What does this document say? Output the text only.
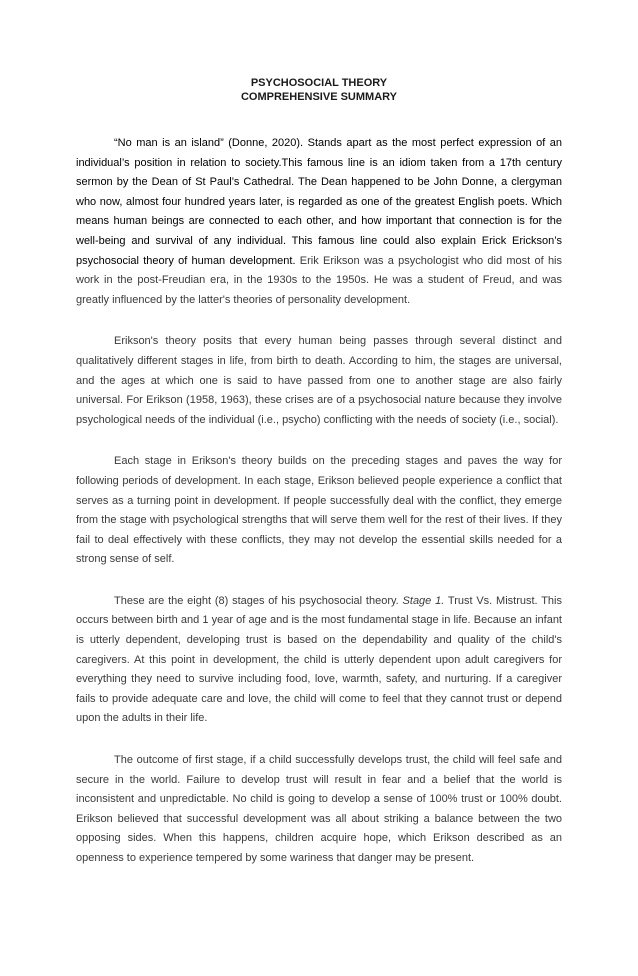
PSYCHOSOCIAL THEORY
COMPREHENSIVE SUMMARY

“No man is an island” (Donne, 2020). Stands apart as the most perfect expression of an individual’s position in relation to society.This famous line is an idiom taken from a 17th century sermon by the Dean of St Paul’s Cathedral. The Dean happened to be John Donne, a clergyman who now, almost four hundred years later, is regarded as one of the greatest English poets. Which means human beings are connected to each other, and how important that connection is for the well-being and survival of any individual. This famous line could also explain Erick Erickson’s psychosocial theory of human development. Erik Erikson was a psychologist who did most of his work in the post-Freudian era, in the 1930s to the 1950s. He was a student of Freud, and was greatly influenced by the latter's theories of personality development.

Erikson's theory posits that every human being passes through several distinct and qualitatively different stages in life, from birth to death. According to him, the stages are universal, and the ages at which one is said to have passed from one to another stage are also fairly universal. For Erikson (1958, 1963), these crises are of a psychosocial nature because they involve psychological needs of the individual (i.e., psycho) conflicting with the needs of society (i.e., social).

Each stage in Erikson's theory builds on the preceding stages and paves the way for following periods of development. In each stage, Erikson believed people experience a conflict that serves as a turning point in development. If people successfully deal with the conflict, they emerge from the stage with psychological strengths that will serve them well for the rest of their lives. If they fail to deal effectively with these conflicts, they may not develop the essential skills needed for a strong sense of self.

These are the eight (8) stages of his psychosocial theory. Stage 1. Trust Vs. Mistrust. This occurs between birth and 1 year of age and is the most fundamental stage in life. Because an infant is utterly dependent, developing trust is based on the dependability and quality of the child's caregivers. At this point in development, the child is utterly dependent upon adult caregivers for everything they need to survive including food, love, warmth, safety, and nurturing. If a caregiver fails to provide adequate care and love, the child will come to feel that they cannot trust or depend upon the adults in their life.

The outcome of first stage, if a child successfully develops trust, the child will feel safe and secure in the world. Failure to develop trust will result in fear and a belief that the world is inconsistent and unpredictable. No child is going to develop a sense of 100% trust or 100% doubt. Erikson believed that successful development was all about striking a balance between the two opposing sides. When this happens, children acquire hope, which Erikson described as an openness to experience tempered by some wariness that danger may be present.
